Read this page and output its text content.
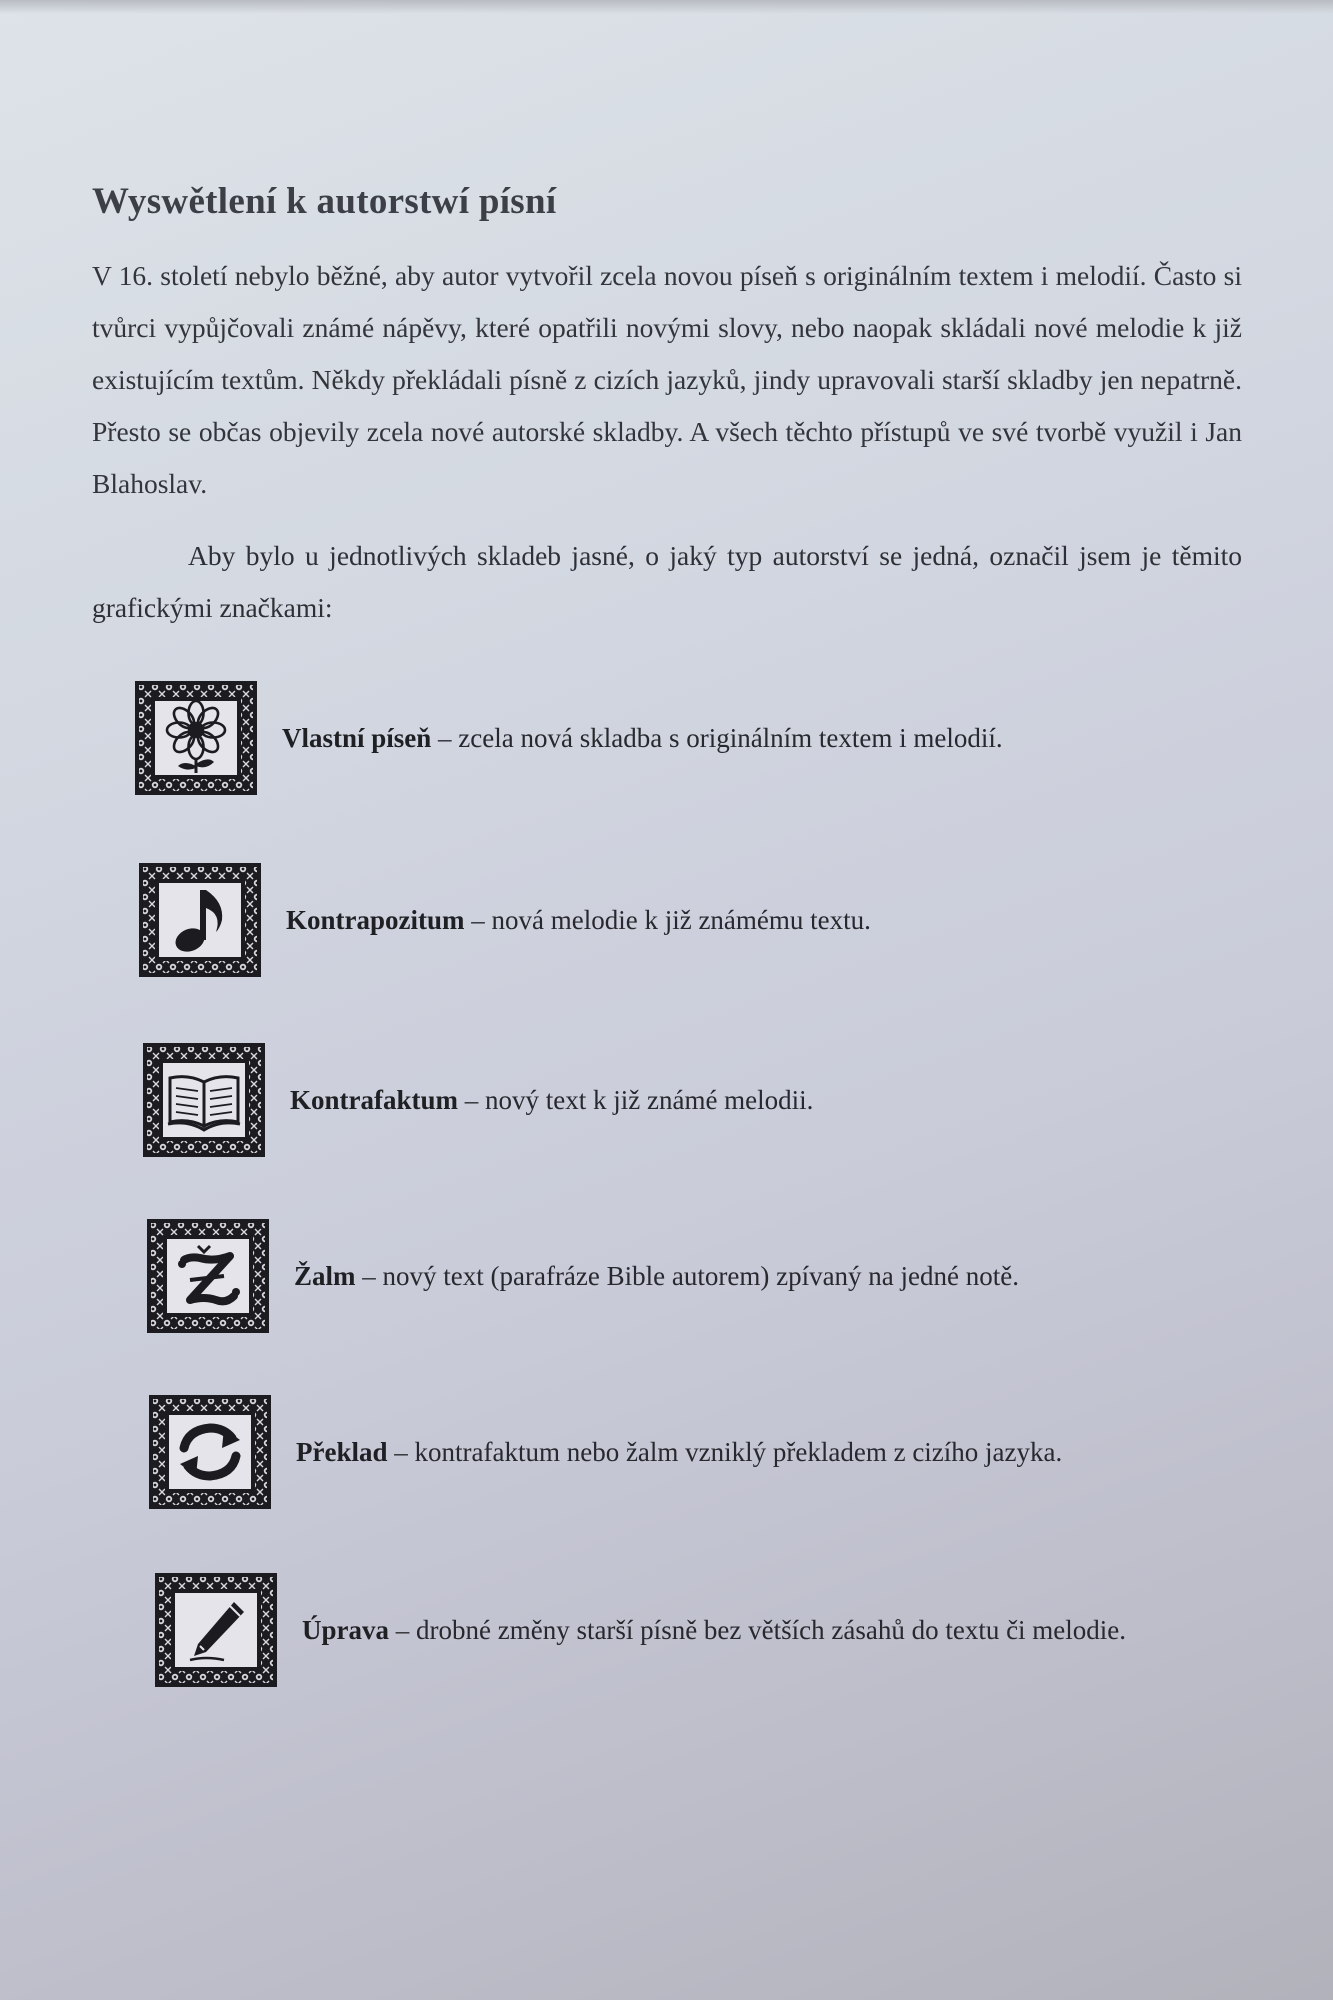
Wyswětlení k autorstwí písní

V 16. století nebylo běžné, aby autor vytvořil zcela novou píseň s originálním textem i melodií. Často si tvůrci vypůjčovali známé nápěvy, které opatřili novými slovy, nebo naopak skládali nové melodie k již existujícím textům. Někdy překládali písně z cizích jazyků, jindy upravovali starší skladby jen nepatrně. Přesto se občas objevily zcela nové autorské skladby. A všech těchto přístupů ve své tvorbě využil i Jan Blahoslav.

Aby bylo u jednotlivých skladeb jasné, o jaký typ autorství se jedná, označil jsem je těmito grafickými značkami:

Vlastní píseň – zcela nová skladba s originálním textem i melodií.
Kontrapozitum – nová melodie k již známému textu.
Kontrafaktum – nový text k již známé melodii.
Žalm – nový text (parafráze Bible autorem) zpívaný na jedné notě.
Překlad – kontrafaktum nebo žalm vzniklý překladem z cizího jazyka.
Úprava – drobné změny starší písně bez větších zásahů do textu či melodie.
